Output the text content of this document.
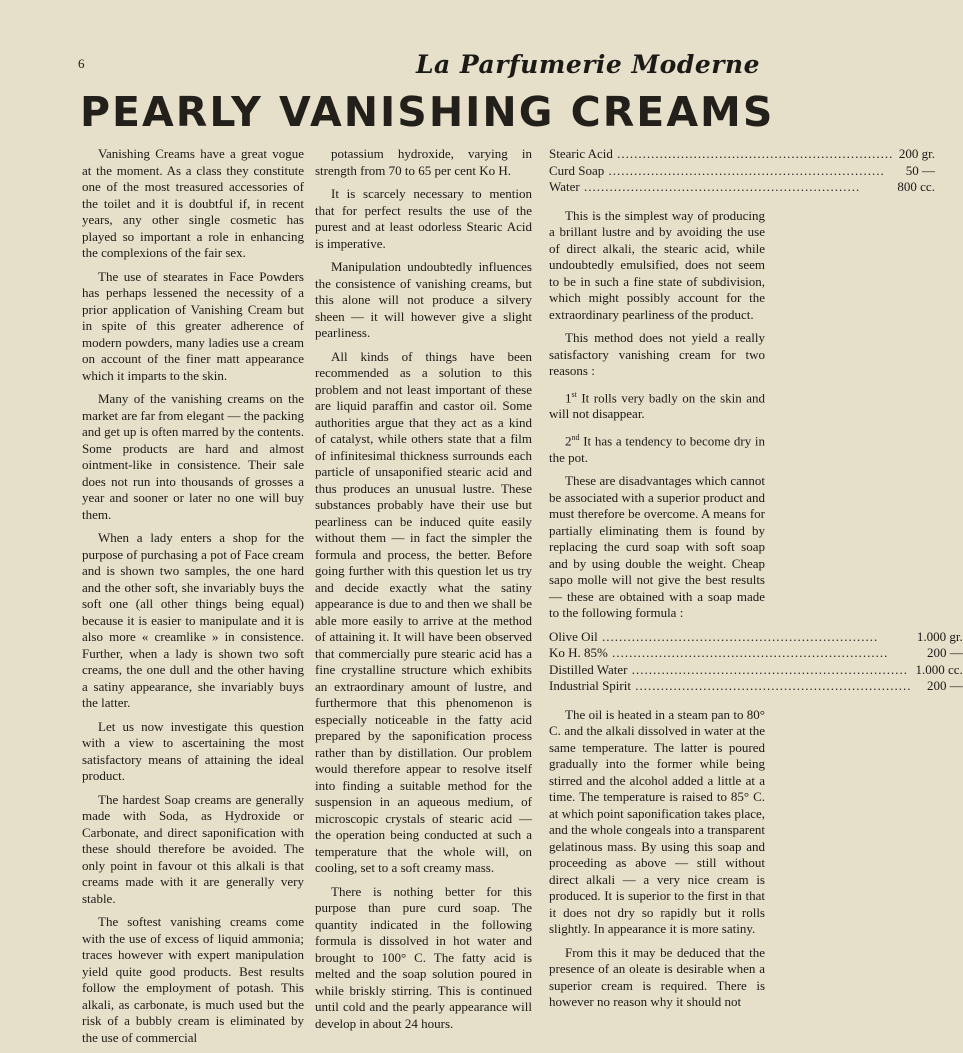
6	La Parfumerie Moderne
PEARLY VANISHING CREAMS

Vanishing Creams have a great vogue at the moment. As a class they constitute one of the most treasured accessories of the toilet and it is doubtful if, in recent years, any other single cosmetic has played so important a role in enhancing the complexions of the fair sex.

The use of stearates in Face Powders has perhaps lessened the necessity of a prior application of Vanishing Cream but in spite of this greater adherence of modern powders, many ladies use a cream on account of the finer matt appearance which it imparts to the skin.

Many of the vanishing creams on the market are far from elegant — the packing and get up is often marred by the contents. Some products are hard and almost ointment-like in consistence. Their sale does not run into thousands of grosses a year and sooner or later no one will buy them.

When a lady enters a shop for the purpose of purchasing a pot of Face cream and is shown two samples, the one hard and the other soft, she invariably buys the soft one (all other things being equal) because it is easier to manipulate and it is also more « creamlike » in consistence. Further, when a lady is shown two soft creams, the one dull and the other having a satiny appearance, she invariably buys the latter.

Let us now investigate this question with a view to ascertaining the most satisfactory means of attaining the ideal product.

The hardest Soap creams are generally made with Soda, as Hydroxide or Carbonate, and direct saponification with these should therefore be avoided. The only point in favour ot this alkali is that creams made with it are generally very stable.

The softest vanishing creams come with the use of excess of liquid ammonia; traces however with expert manipulation yield quite good products. Best results follow the employment of potash. This alkali, as carbonate, is much used but the risk of a bubbly cream is eliminated by the use of commercial

potassium hydroxide, varying in strength from 70 to 65 per cent Ko H.

It is scarcely necessary to mention that for perfect results the use of the purest and at least odorless Stearic Acid is imperative.

Manipulation undoubtedly influences the consistence of vanishing creams, but this alone will not produce a silvery sheen — it will however give a slight pearliness.

All kinds of things have been recommended as a solution to this problem and not least important of these are liquid paraffin and castor oil. Some authorities argue that they act as a kind of catalyst, while others state that a film of infinitesimal thickness surrounds each particle of unsaponified stearic acid and thus produces an unusual lustre. These substances probably have their use but pearliness can be induced quite easily without them — in fact the simpler the formula and process, the better. Before going further with this question let us try and decide exactly what the satiny appearance is due to and then we shall be able more easily to arrive at the method of attaining it. It will have been observed that commercially pure stearic acid has a fine crystalline structure which exhibits an extraordinary amount of lustre, and furthermore that this phenomenon is especially noticeable in the fatty acid prepared by the saponification process rather than by distillation. Our problem would therefore appear to resolve itself into finding a suitable method for the suspension in an aqueous medium, of microscopic crystals of stearic acid — the operation being conducted at such a temperature that the whole will, on cooling, set to a soft creamy mass.

There is nothing better for this purpose than pure curd soap. The quantity indicated in the following formula is dissolved in hot water and brought to 100° C. The fatty acid is melted and the soap solution poured in while briskly stirring. This is continued until cold and the pearly appearance will develop in about 24 hours.

Stearic Acid .....	200 gr.
Curd Soap .....	50 —
Water .....	800 cc.

This is the simplest way of producing a brillant lustre and by avoiding the use of direct alkali, the stearic acid, while undoubtedly emulsified, does not seem to be in such a fine state of subdivision, which might possibly account for the extraordinary pearliness of the product.

This method does not yield a really satisfactory vanishing cream for two reasons :

1st It rolls very badly on the skin and will not disappear.
2nd It has a tendency to become dry in the pot.

These are disadvantages which cannot be associated with a superior product and must therefore be overcome. A means for partially eliminating them is found by replacing the curd soap with soft soap and by using double the weight. Cheap sapo molle will not give the best results — these are obtained with a soap made to the following formula :

Olive Oil .....	1.000 gr.
Ko H. 85% .....	200 —
Distilled Water .....	1.000 cc.
Industrial Spirit .....	200 —

The oil is heated in a steam pan to 80° C. and the alkali dissolved in water at the same temperature. The latter is poured gradually into the former while being stirred and the alcohol added a little at a time. The temperature is raised to 85° C. at which point saponification takes place, and the whole congeals into a transparent gelatinous mass. By using this soap and proceeding as above — still without direct alkali — a very nice cream is produced. It is superior to the first in that it does not dry so rapidly but it rolls slightly. In appearance it is more satiny.

From this it may be deduced that the presence of an oleate is desirable when a superior cream is required. There is however no reason why it should not
